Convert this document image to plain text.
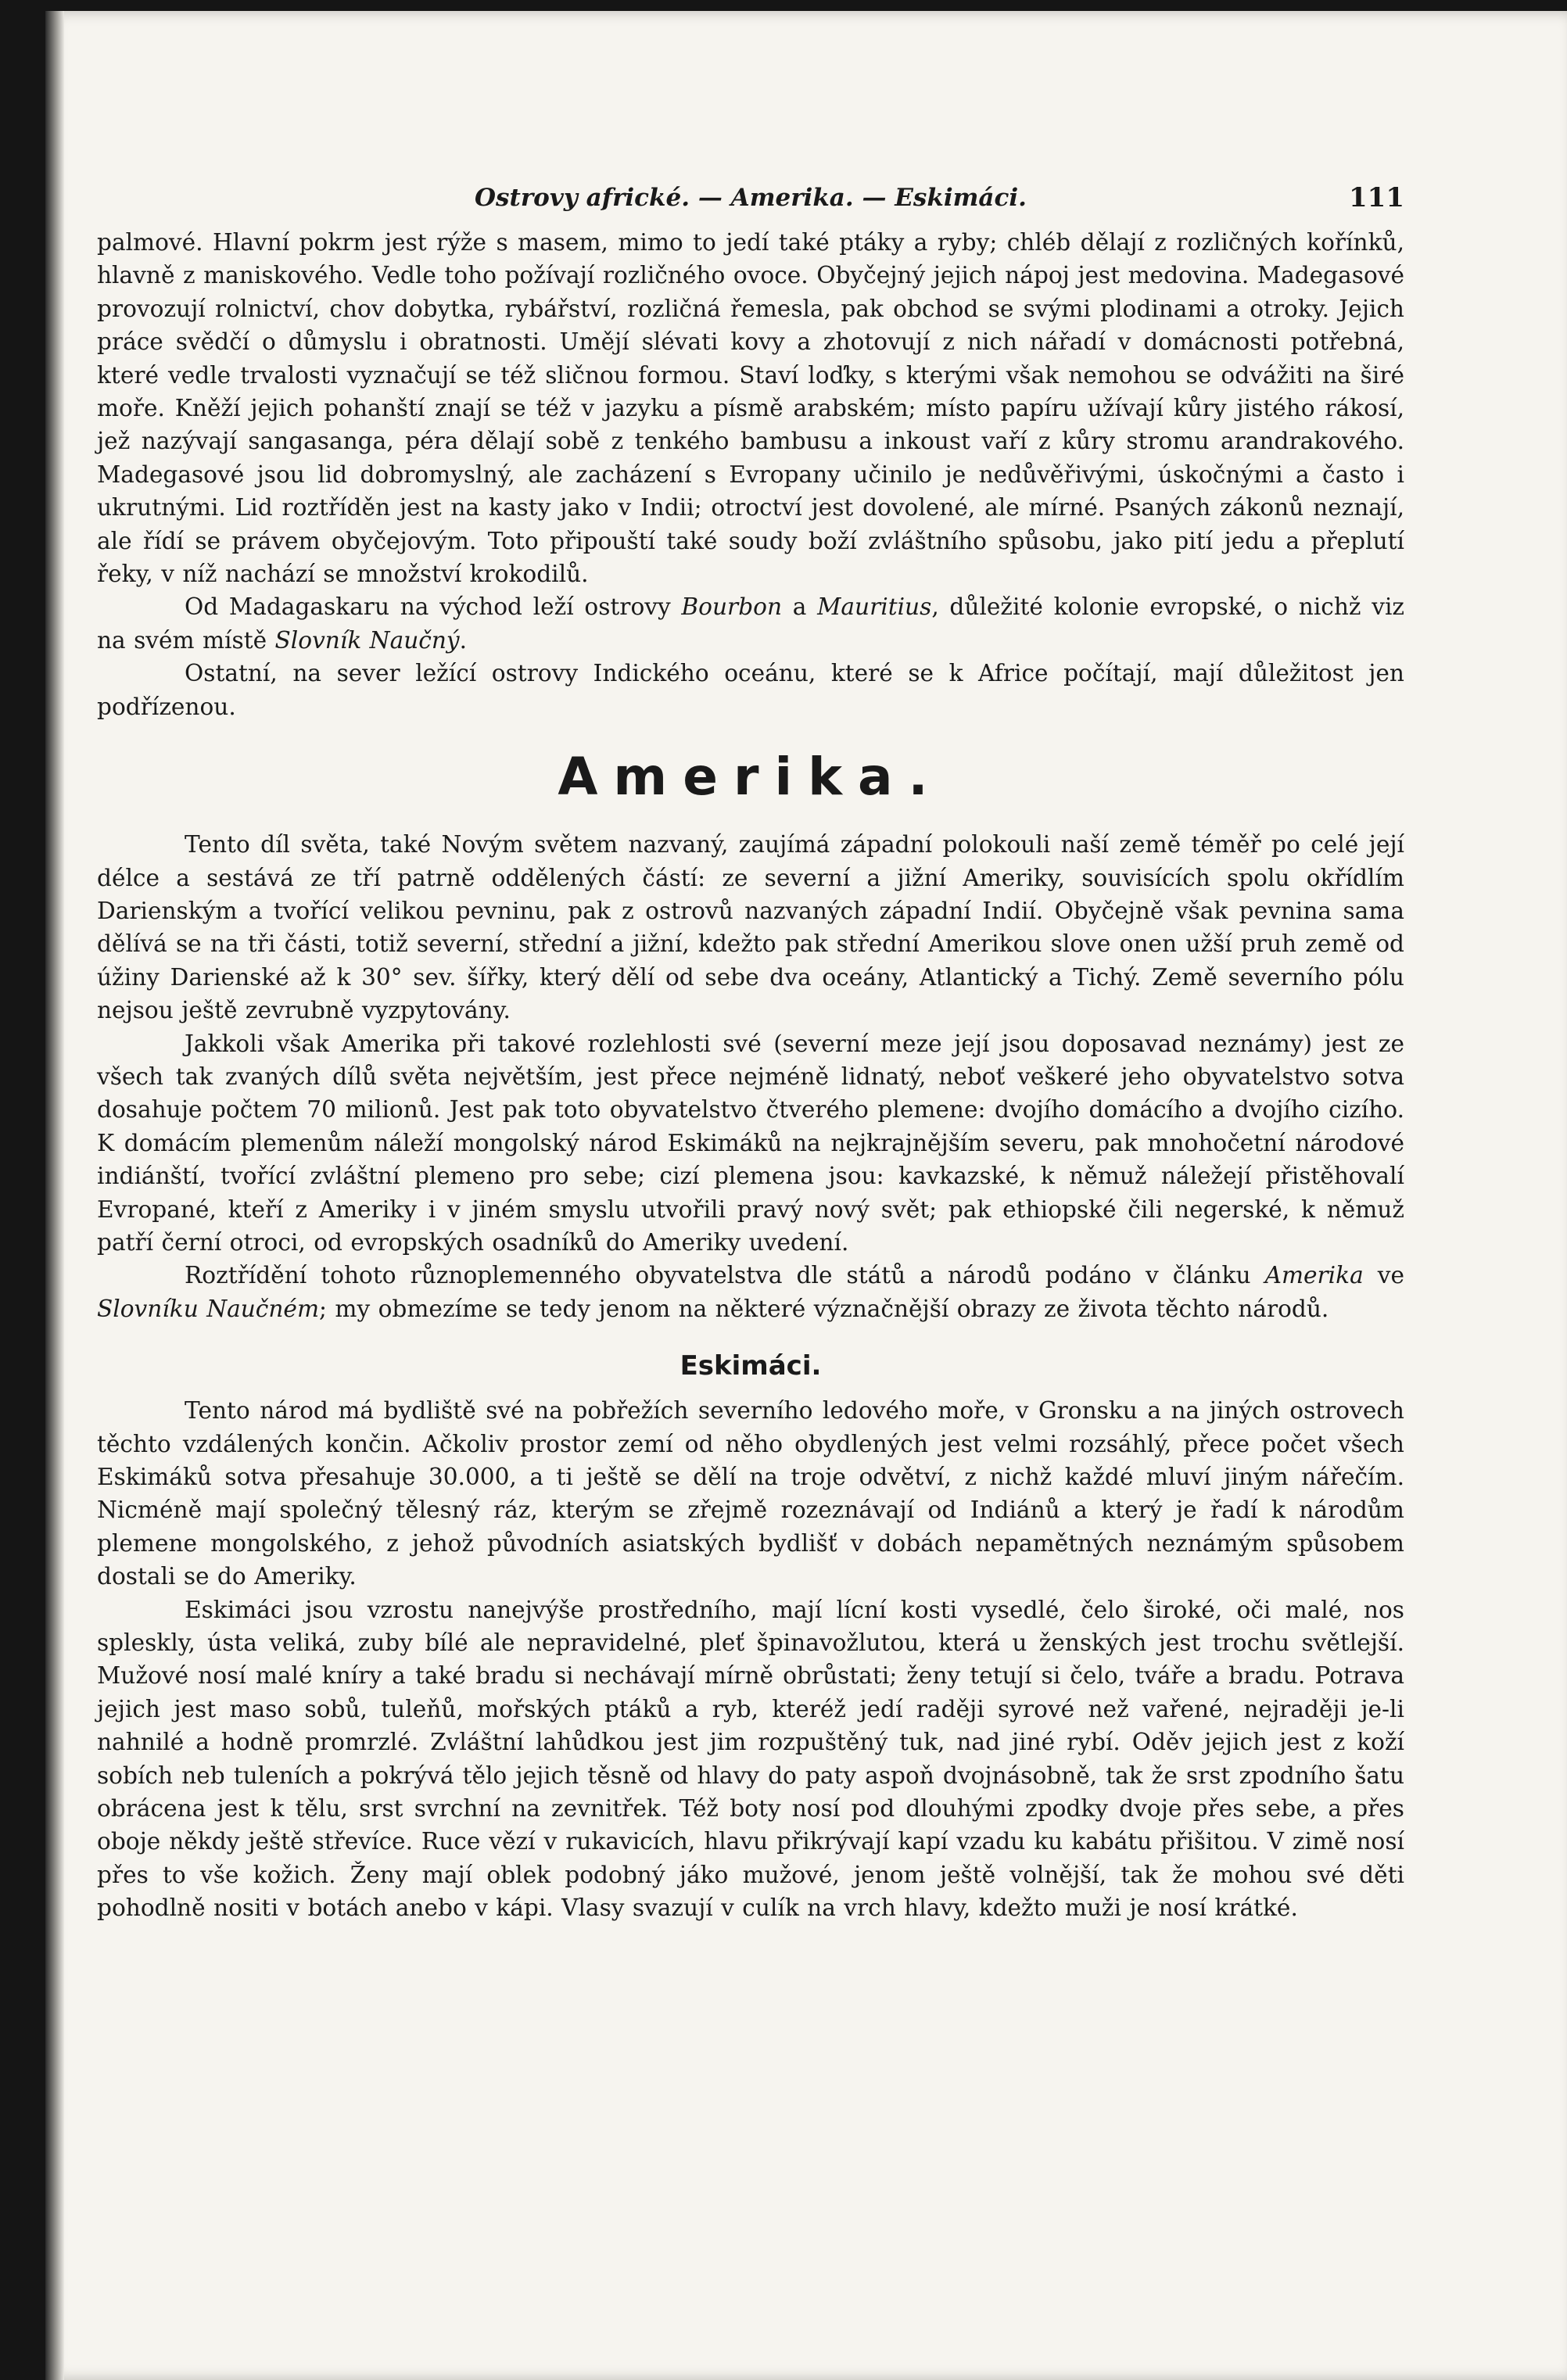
Ostrovy africké. — Amerika. — Eskimáci.	111

palmové. Hlavní pokrm jest rýže s masem, mimo to jedí také ptáky a ryby; chléb dělají z rozličných kořínků, hlavně z maniskového. Vedle toho požívají rozličného ovoce. Obyčejný jejich nápoj jest medovina. Madegasové provozují rolnictví, chov dobytka, rybářství, rozličná řemesla, pak obchod se svými plodinami a otroky. Jejich práce svědčí o důmyslu i obratnosti. Umějí slévati kovy a zhotovují z nich nářadí v domácnosti potřebná, které vedle trvalosti vyznačují se též sličnou formou. Staví loďky, s kterými však nemohou se odvážiti na širé moře. Kněží jejich pohanští znají se též v jazyku a písmě arabském; místo papíru užívají kůry jistého rákosí, jež nazývají sangasanga, péra dělají sobě z tenkého bambusu a inkoust vaří z kůry stromu arandrakového. Madegasové jsou lid dobromyslný, ale zacházení s Evropany učinilo je nedůvěřivými, úskočnými a často i ukrutnými. Lid roztříděn jest na kasty jako v Indii; otroctví jest dovolené, ale mírné. Psaných zákonů neznají, ale řídí se právem obyčejovým. Toto připouští také soudy boží zvláštního spůsobu, jako pití jedu a přeplutí řeky, v níž nachází se množství krokodilů.

Od Madagaskaru na východ leží ostrovy Bourbon a Mauritius, důležité kolonie evropské, o nichž viz na svém místě Slovník Naučný.

Ostatní, na sever ležící ostrovy Indického oceánu, které se k Africe počítají, mají důležitost jen podřízenou.

Amerika.

Tento díl světa, také Novým světem nazvaný, zaujímá západní polokouli naší země téměř po celé její délce a sestává ze tří patrně oddělených částí: ze severní a jižní Ameriky, souvisících spolu okřídlím Darienským a tvořící velikou pevninu, pak z ostrovů nazvaných západní Indií. Obyčejně však pevnina sama dělívá se na tři části, totiž severní, střední a jižní, kdežto pak střední Amerikou slove onen užší pruh země od úžiny Darienské až k 30° sev. šířky, který dělí od sebe dva oceány, Atlantický a Tichý. Země severního pólu nejsou ještě zevrubně vyzpytovány.

Jakkoli však Amerika při takové rozlehlosti své (severní meze její jsou doposavad neznámy) jest ze všech tak zvaných dílů světa největším, jest přece nejméně lidnatý, neboť veškeré jeho obyvatelstvo sotva dosahuje počtem 70 milionů. Jest pak toto obyvatelstvo čtverého plemene: dvojího domácího a dvojího cizího. K domácím plemenům náleží mongolský národ Eskimáků na nejkrajnějším severu, pak mnohočetní národové indiánští, tvořící zvláštní plemeno pro sebe; cizí plemena jsou: kavkazské, k němuž náležejí přistěhovalí Evropané, kteří z Ameriky i v jiném smyslu utvořili pravý nový svět; pak ethiopské čili negerské, k němuž patří černí otroci, od evropských osadníků do Ameriky uvedení.

Roztřídění tohoto různoplemenného obyvatelstva dle států a národů podáno v článku Amerika ve Slovníku Naučném; my obmezíme se tedy jenom na některé význačnější obrazy ze života těchto národů.

Eskimáci.

Tento národ má bydliště své na pobřežích severního ledového moře, v Gronsku a na jiných ostrovech těchto vzdálených končin. Ačkoliv prostor zemí od něho obydlených jest velmi rozsáhlý, přece počet všech Eskimáků sotva přesahuje 30.000, a ti ještě se dělí na troje odvětví, z nichž každé mluví jiným nářečím. Nicméně mají společný tělesný ráz, kterým se zřejmě rozeznávají od Indiánů a který je řadí k národům plemene mongolského, z jehož původních asiatských bydlišť v dobách nepamětných neznámým spůsobem dostali se do Ameriky.

Eskimáci jsou vzrostu nanejvýše prostředního, mají lícní kosti vysedlé, čelo široké, oči malé, nos spleskly, ústa veliká, zuby bílé ale nepravidelné, pleť špinavožlutou, která u ženských jest trochu světlejší. Mužové nosí malé kníry a také bradu si nechávají mírně obrůstati; ženy tetují si čelo, tváře a bradu. Potrava jejich jest maso sobů, tuleňů, mořských ptáků a ryb, kteréž jedí raději syrové než vařené, nejraději je-li nahnilé a hodně promrzlé. Zvláštní lahůdkou jest jim rozpuštěný tuk, nad jiné rybí. Oděv jejich jest z koží sobích neb tuleních a pokrývá tělo jejich těsně od hlavy do paty aspoň dvojnásobně, tak že srst zpodního šatu obrácena jest k tělu, srst svrchní na zevnitřek. Též boty nosí pod dlouhými zpodky dvoje přes sebe, a přes oboje někdy ještě střevíce. Ruce vězí v rukavicích, hlavu přikrývají kapí vzadu ku kabátu přišitou. V zimě nosí přes to vše kožich. Ženy mají oblek podobný jáko mužové, jenom ještě volnější, tak že mohou své děti pohodlně nositi v botách anebo v kápi. Vlasy svazují v culík na vrch hlavy, kdežto muži je nosí krátké.
